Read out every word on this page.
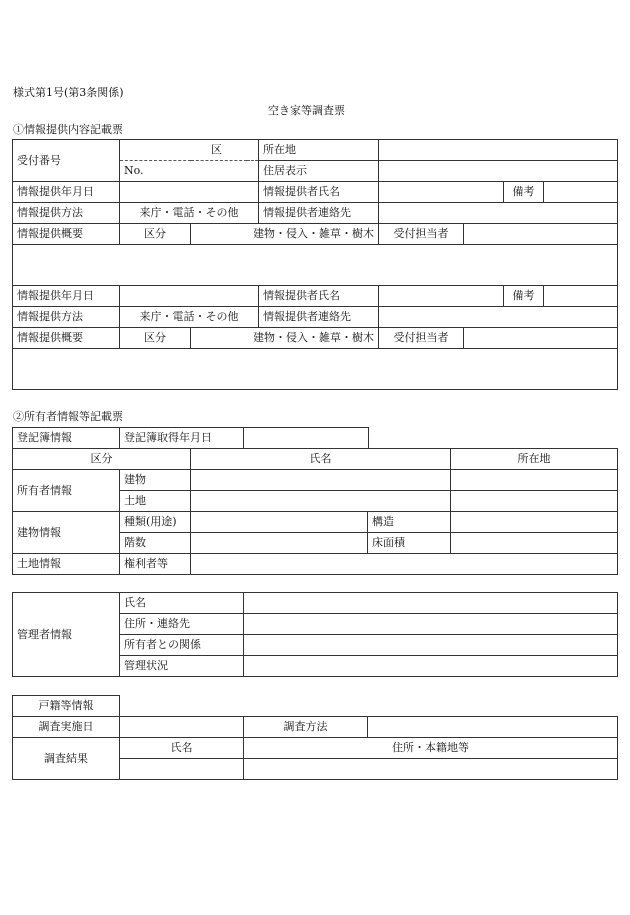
様式第1号(第3条関係)
空き家等調査票
①情報提供内容記載票
受付番号	区		所在地				
	No.		住居表示				
情報提供年月日			情報提供者氏名			備考	
情報提供方法	来庁・電話・その他		情報提供者連絡先				
情報提供概要	区分	建物・侵入・雑草・樹木		受付担当者			

情報提供年月日			情報提供者氏名			備考	
情報提供方法	来庁・電話・その他		情報提供者連絡先				
情報提供概要	区分	建物・侵入・雑草・樹木		受付担当者			

②所有者情報等記載票
登記簿情報	登記簿取得年月日	
区分		氏名		所在地
所有者情報	建物			
	土地			
建物情報	種類(用途)		構造	
	階数		床面積	
土地情報	権利者等			
管理者情報	氏名	
	住所・連絡先	
	所有者との関係	
	管理状況	
戸籍等情報
調査実施日		調査方法	
調査結果	氏名	住所・本籍地等	
